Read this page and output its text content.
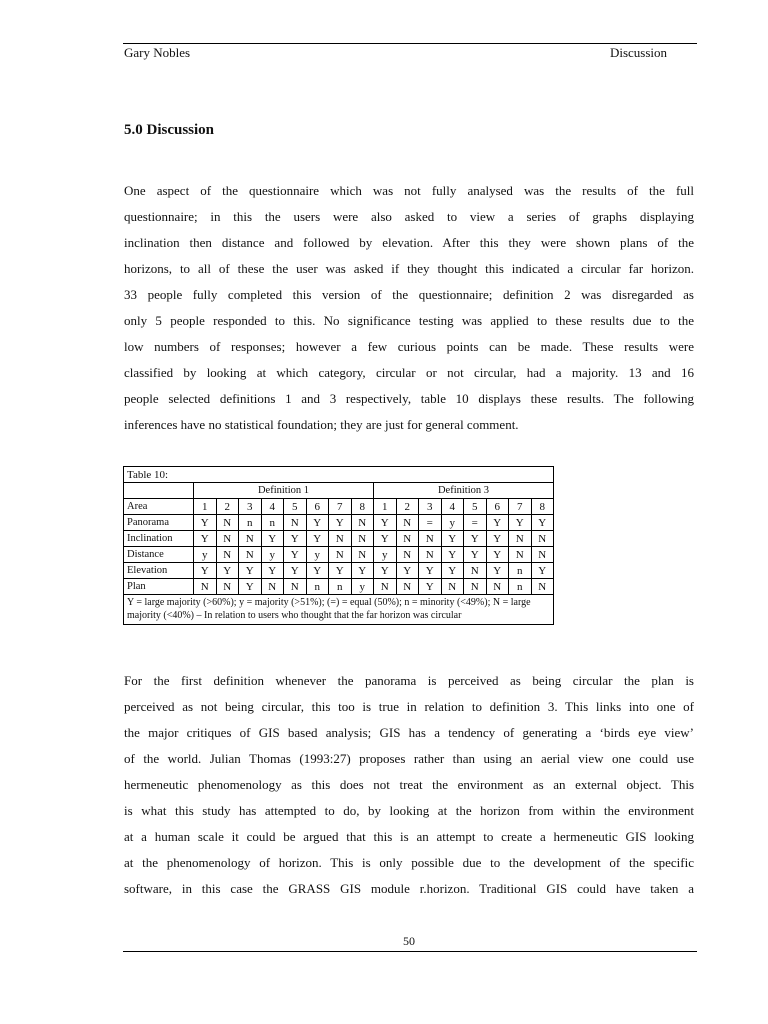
Gary Nobles	Discussion
5.0 Discussion
One aspect of the questionnaire which was not fully analysed was the results of the full
questionnaire; in this the users were also asked to view a series of graphs displaying
inclination then distance and followed by elevation. After this they were shown plans of the
horizons, to all of these the user was asked if they thought this indicated a circular far horizon.
33 people fully completed this version of the questionnaire; definition 2 was disregarded as
only 5 people responded to this. No significance testing was applied to these results due to the
low numbers of responses; however a few curious points can be made. These results were
classified by looking at which category, circular or not circular, had a majority. 13 and 16
people selected definitions 1 and 3 respectively, table 10 displays these results. The following
inferences have no statistical foundation; they are just for general comment.
Table 10:																
	Definition 1								Definition 3							
Area	1	2	3	4	5	6	7	8	1	2	3	4	5	6	7	8
Panorama	Y	N	n	n	N	Y	Y	N	Y	N	=	y	=	Y	Y	Y
Inclination	Y	N	N	Y	Y	Y	N	N	Y	N	N	Y	Y	Y	N	N
Distance	y	N	N	y	Y	y	N	N	y	N	N	Y	Y	Y	N	N
Elevation	Y	Y	Y	Y	Y	Y	Y	Y	Y	Y	Y	Y	N	Y	n	Y
Plan	N	N	Y	N	N	n	n	y	N	N	Y	N	N	N	n	N
Y = large majority (>60%); y = majority (>51%); (=) = equal (50%); n = minority (<49%); N = large majority (<40%) – In relation to users who thought that the far horizon was circular																
For the first definition whenever the panorama is perceived as being circular the plan is
perceived as not being circular, this too is true in relation to definition 3. This links into one of
the major critiques of GIS based analysis; GIS has a tendency of generating a ‘birds eye view’
of the world. Julian Thomas (1993:27) proposes rather than using an aerial view one could use
hermeneutic phenomenology as this does not treat the environment as an external object. This
is what this study has attempted to do, by looking at the horizon from within the environment
at a human scale it could be argued that this is an attempt to create a hermeneutic GIS looking
at the phenomenology of horizon. This is only possible due to the development of the specific
software, in this case the GRASS GIS module r.horizon. Traditional GIS could have taken a
50
